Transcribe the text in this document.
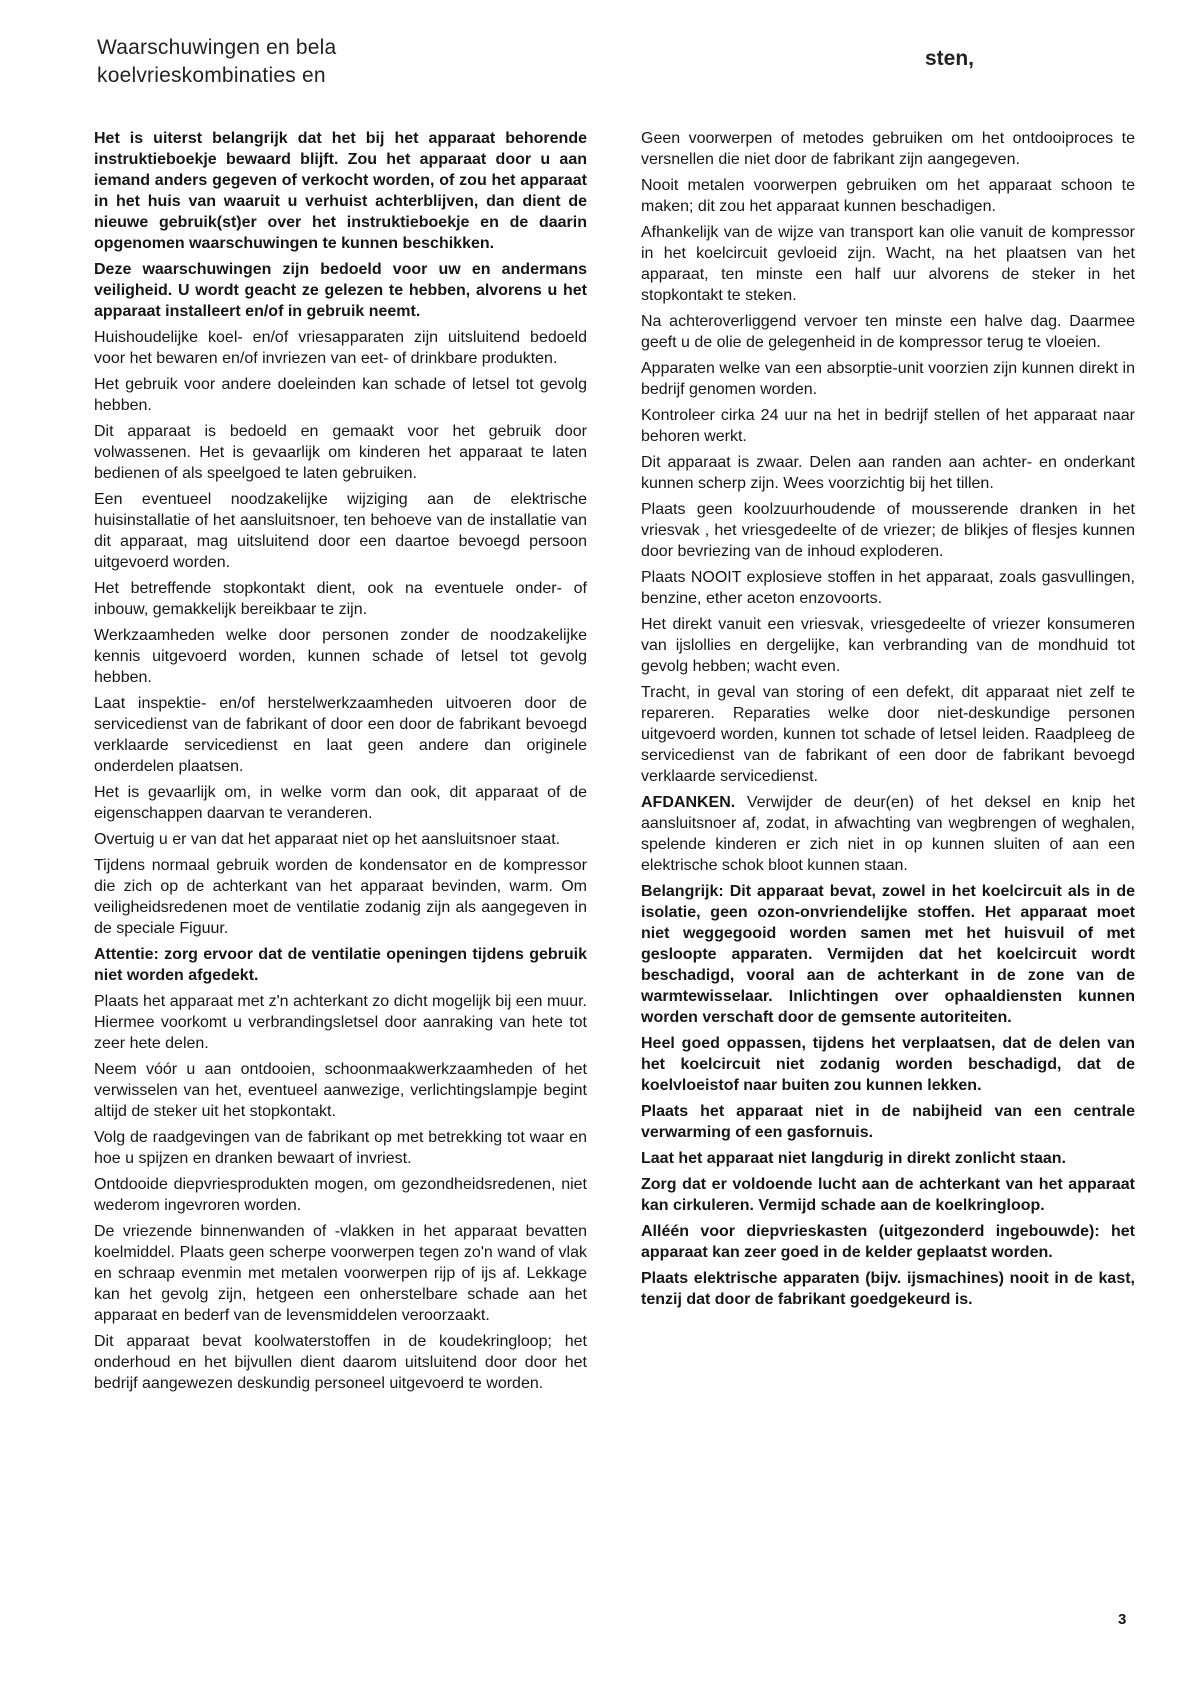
Waarschuwingen en bela
koelvrieskombinaties en
sten,

Het is uiterst belangrijk dat het bij het apparaat behorende instruktieboekje bewaard blijft. Zou het apparaat door u aan iemand anders gegeven of verkocht worden, of zou het apparaat in het huis van waaruit u verhuist achterblijven, dan dient de nieuwe gebruik(st)er over het instruktieboekje en de daarin opgenomen waarschuwingen te kunnen beschikken.

Deze waarschuwingen zijn bedoeld voor uw en andermans veiligheid. U wordt geacht ze gelezen te hebben, alvorens u het apparaat installeert en/of in gebruik neemt.

Huishoudelijke koel- en/of vriesapparaten zijn uitsluitend bedoeld voor het bewaren en/of invriezen van eet- of drinkbare produkten.

Het gebruik voor andere doeleinden kan schade of letsel tot gevolg hebben.

Dit apparaat is bedoeld en gemaakt voor het gebruik door volwassenen. Het is gevaarlijk om kinderen het apparaat te laten bedienen of als speelgoed te laten gebruiken.

Een eventueel noodzakelijke wijziging aan de elektrische huisinstallatie of het aansluitsnoer, ten behoeve van de installatie van dit apparaat, mag uitsluitend door een daartoe bevoegd persoon uitgevoerd worden.

Het betreffende stopkontakt dient, ook na eventuele onder- of inbouw, gemakkelijk bereikbaar te zijn.

Werkzaamheden welke door personen zonder de noodzakelijke kennis uitgevoerd worden, kunnen schade of letsel tot gevolg hebben.

Laat inspektie- en/of herstelwerkzaamheden uitvoeren door de servicedienst van de fabrikant of door een door de fabrikant bevoegd verklaarde servicedienst en laat geen andere dan originele onderdelen plaatsen.

Het is gevaarlijk om, in welke vorm dan ook, dit apparaat of de eigenschappen daarvan te veranderen.

Overtuig u er van dat het apparaat niet op het aansluitsnoer staat.

Tijdens normaal gebruik worden de kondensator en de kompressor die zich op de achterkant van het apparaat bevinden, warm. Om veiligheidsredenen moet de ventilatie zodanig zijn als aangegeven in de speciale Figuur.

Attentie: zorg ervoor dat de ventilatie openingen tijdens gebruik niet worden afgedekt.

Plaats het apparaat met z'n achterkant zo dicht mogelijk bij een muur. Hiermee voorkomt u verbrandingsletsel door aanraking van hete tot zeer hete delen.

Neem vóór u aan ontdooien, schoonmaakwerkzaamheden of het verwisselen van het, eventueel aanwezige, verlichtingslampje begint altijd de steker uit het stopkontakt.

Volg de raadgevingen van de fabrikant op met betrekking tot waar en hoe u spijzen en dranken bewaart of invriest.

Ontdooide diepvriesprodukten mogen, om gezondheidsredenen, niet wederom ingevroren worden.

De vriezende binnenwanden of -vlakken in het apparaat bevatten koelmiddel. Plaats geen scherpe voorwerpen tegen zo'n wand of vlak en schraap evenmin met metalen voorwerpen rijp of ijs af. Lekkage kan het gevolg zijn, hetgeen een onherstelbare schade aan het apparaat en bederf van de levensmiddelen veroorzaakt.

Dit apparaat bevat koolwaterstoffen in de koudekringloop; het onderhoud en het bijvullen dient daarom uitsluitend door door het bedrijf aangewezen deskundig personeel uitgevoerd te worden.

Geen voorwerpen of metodes gebruiken om het ontdooiproces te versnellen die niet door de fabrikant zijn aangegeven.

Nooit metalen voorwerpen gebruiken om het apparaat schoon te maken; dit zou het apparaat kunnen beschadigen.

Afhankelijk van de wijze van transport kan olie vanuit de kompressor in het koelcircuit gevloeid zijn. Wacht, na het plaatsen van het apparaat, ten minste een half uur alvorens de steker in het stopkontakt te steken.

Na achteroverliggend vervoer ten minste een halve dag. Daarmee geeft u de olie de gelegenheid in de kompressor terug te vloeien.

Apparaten welke van een absorptie-unit voorzien zijn kunnen direkt in bedrijf genomen worden.

Kontroleer cirka 24 uur na het in bedrijf stellen of het apparaat naar behoren werkt.

Dit apparaat is zwaar. Delen aan randen aan achter- en onderkant kunnen scherp zijn. Wees voorzichtig bij het tillen.

Plaats geen koolzuurhoudende of mousserende dranken in het vriesvak , het vriesgedeelte of de vriezer; de blikjes of flesjes kunnen door bevriezing van de inhoud exploderen.

Plaats NOOIT explosieve stoffen in het apparaat, zoals gasvullingen, benzine, ether aceton enzovoorts.

Het direkt vanuit een vriesvak, vriesgedeelte of vriezer konsumeren van ijslollies en dergelijke, kan verbranding van de mondhuid tot gevolg hebben; wacht even.

Tracht, in geval van storing of een defekt, dit apparaat niet zelf te repareren. Reparaties welke door niet-deskundige personen uitgevoerd worden, kunnen tot schade of letsel leiden. Raadpleeg de servicedienst van de fabrikant of een door de fabrikant bevoegd verklaarde servicedienst.

AFDANKEN. Verwijder de deur(en) of het deksel en knip het aansluitsnoer af, zodat, in afwachting van wegbrengen of weghalen, spelende kinderen er zich niet in op kunnen sluiten of aan een elektrische schok bloot kunnen staan.

Belangrijk: Dit apparaat bevat, zowel in het koelcircuit als in de isolatie, geen ozon-onvriendelijke stoffen. Het apparaat moet niet weggegooid worden samen met het huisvuil of met gesloopte apparaten. Vermijden dat het koelcircuit wordt beschadigd, vooral aan de achterkant in de zone van de warmtewisselaar. Inlichtingen over ophaaldiensten kunnen worden verschaft door de gemsente autoriteiten.

Heel goed oppassen, tijdens het verplaatsen, dat de delen van het koelcircuit niet zodanig worden beschadigd, dat de koelvloeistof naar buiten zou kunnen lekken.

Plaats het apparaat niet in de nabijheid van een centrale verwarming of een gasfornuis.

Laat het apparaat niet langdurig in direkt zonlicht staan.

Zorg dat er voldoende lucht aan de achterkant van het apparaat kan cirkuleren. Vermijd schade aan de koelkringloop.

Alléén voor diepvrieskasten (uitgezonderd ingebouwde): het apparaat kan zeer goed in de kelder geplaatst worden.

Plaats elektrische apparaten (bijv. ijsmachines) nooit in de kast, tenzij dat door de fabrikant goedgekeurd is.

3
